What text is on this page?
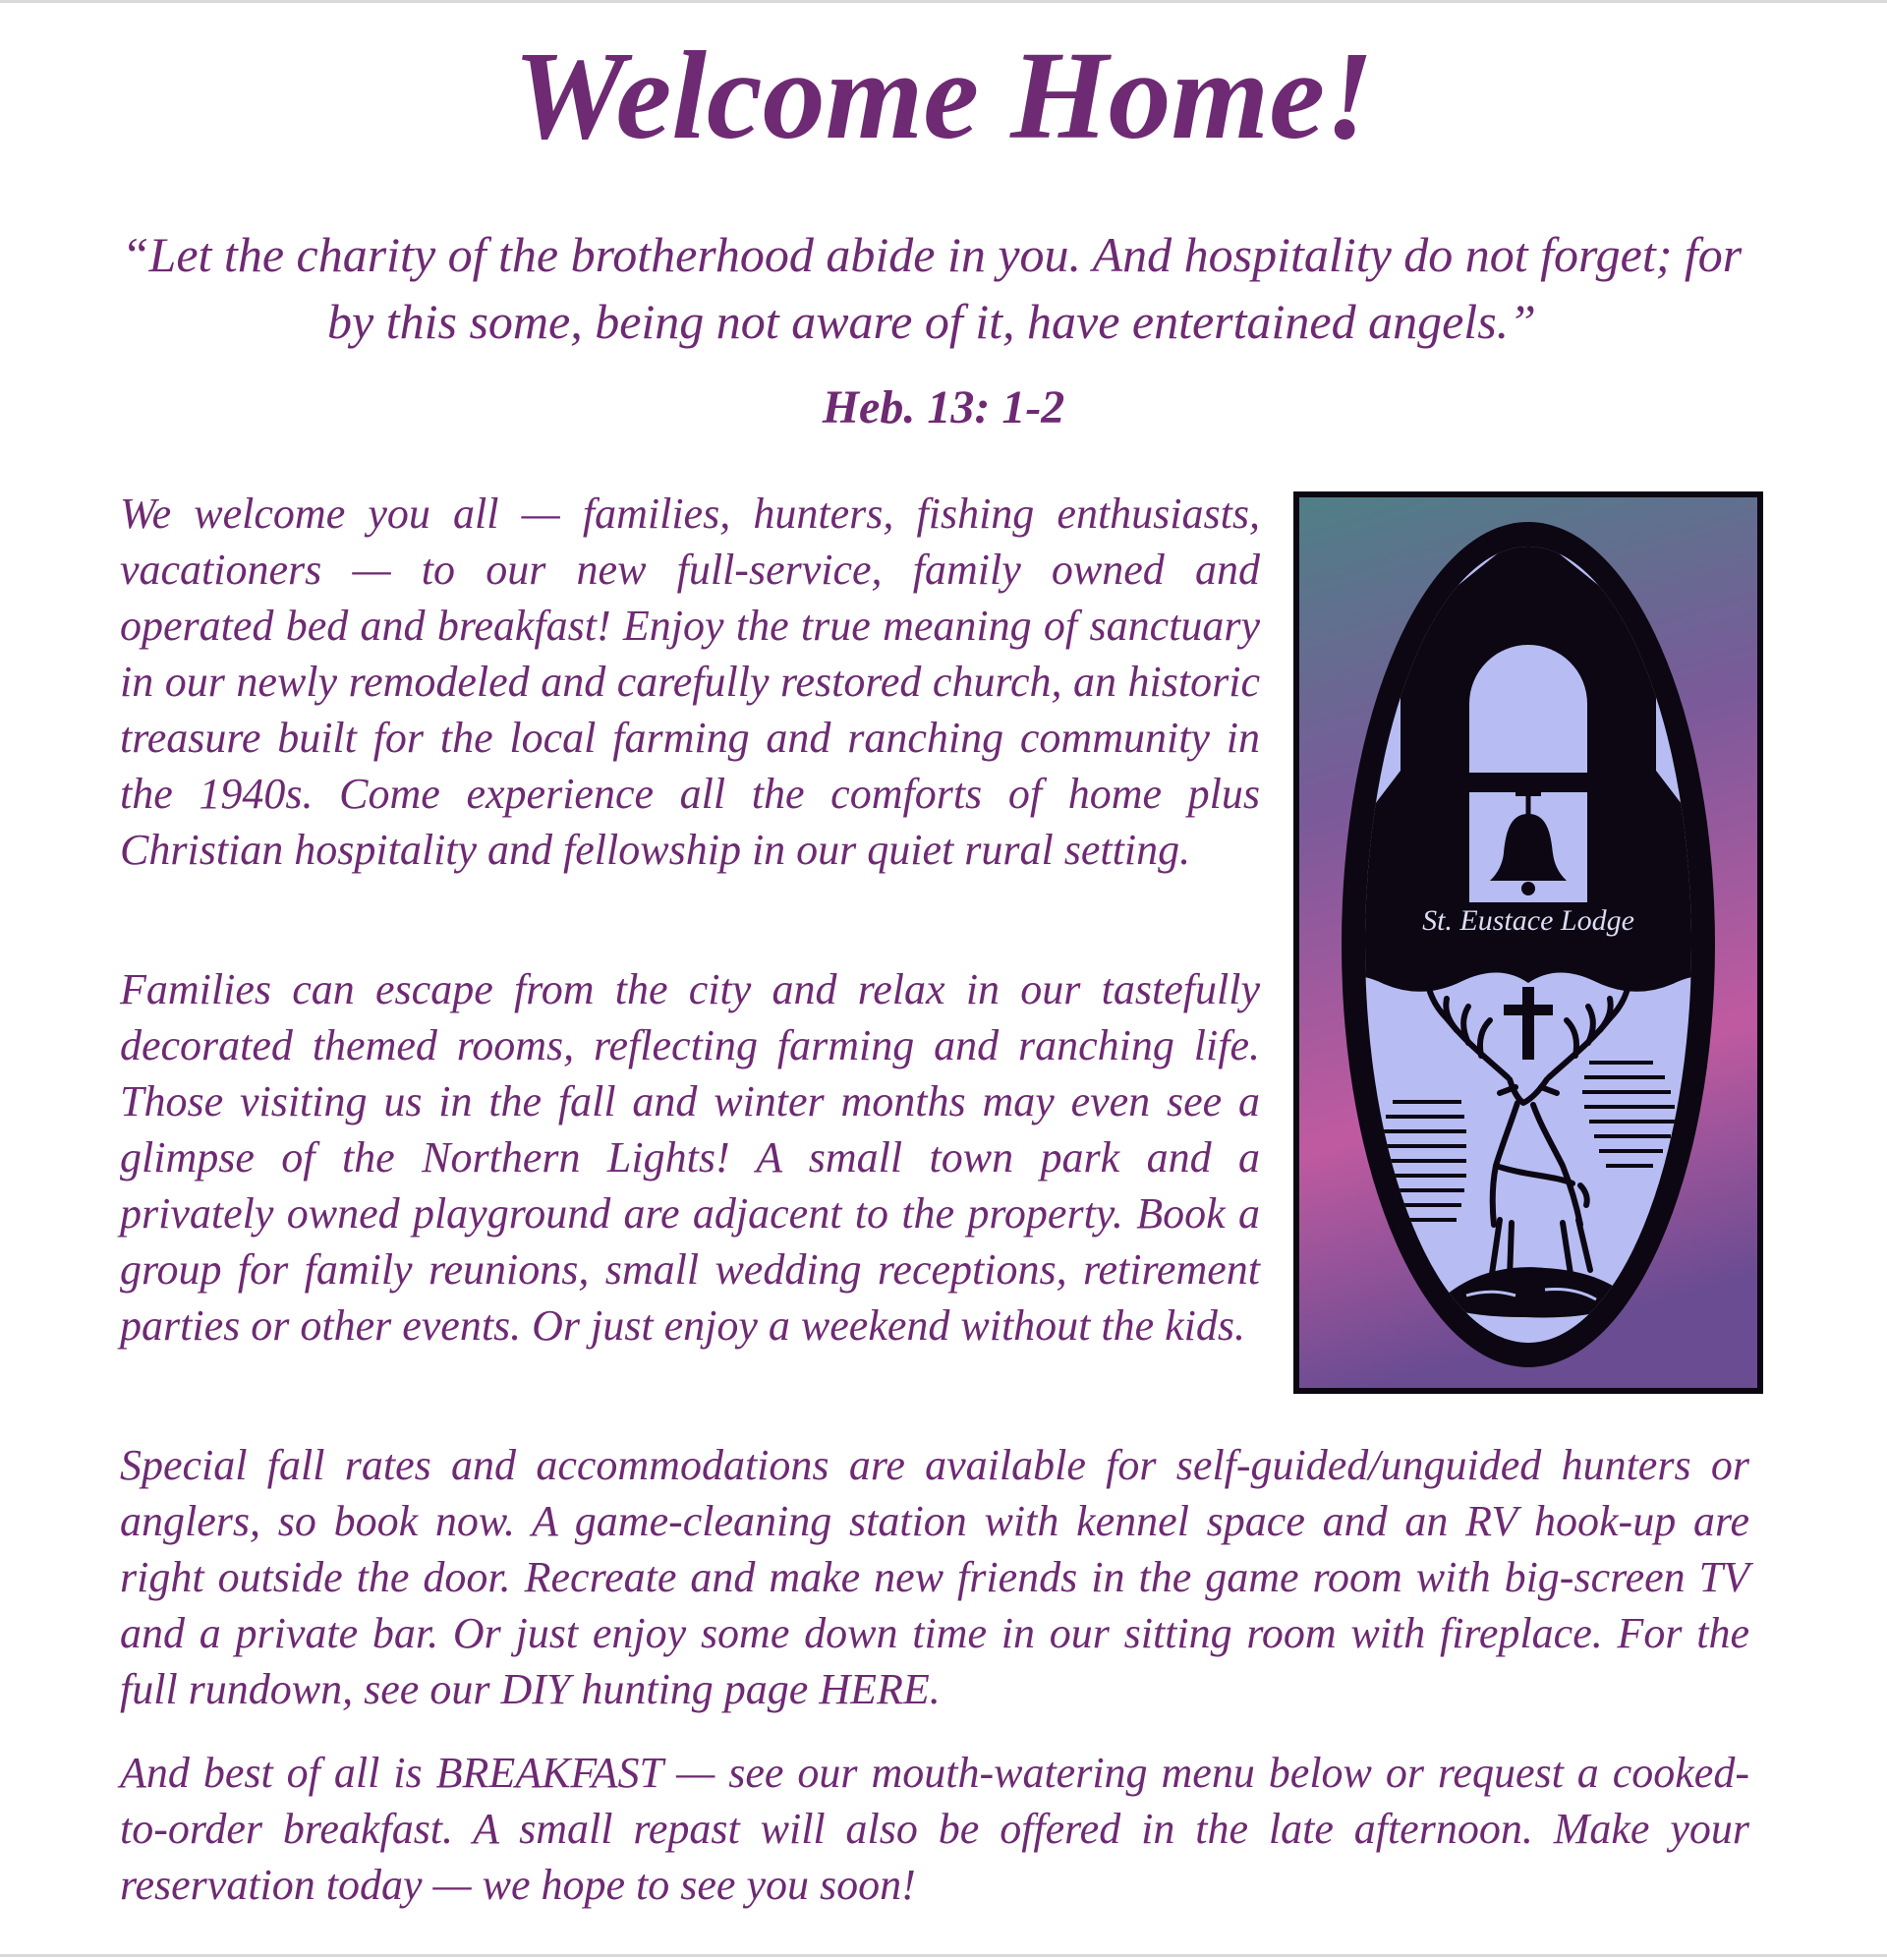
Welcome Home!

“Let the charity of the brotherhood abide in you. And hospitality do not forget; for by this some, being not aware of it, have entertained angels.”

Heb. 13: 1-2

We welcome you all — families, hunters, fishing enthusiasts, vacationers — to our new full-service, family owned and operated bed and breakfast! Enjoy the true meaning of sanctuary in our newly remodeled and carefully restored church, an historic treasure built for the local farming and ranching community in the 1940s. Come experience all the comforts of home plus Christian hospitality and fellowship in our quiet rural setting.

St. Eustace Lodge

Families can escape from the city and relax in our tastefully decorated themed rooms, reflecting farming and ranching life. Those visiting us in the fall and winter months may even see a glimpse of the Northern Lights! A small town park and a privately owned playground are adjacent to the property. Book a group for family reunions, small wedding receptions, retirement parties or other events. Or just enjoy a weekend without the kids.

Special fall rates and accommodations are available for self-guided/unguided hunters or anglers, so book now. A game-cleaning station with kennel space and an RV hook-up are right outside the door. Recreate and make new friends in the game room with big-screen TV and a private bar. Or just enjoy some down time in our sitting room with fireplace. For the full rundown, see our DIY hunting page HERE.

And best of all is BREAKFAST — see our mouth-watering menu below or request a cooked-to-order breakfast. A small repast will also be offered in the late afternoon. Make your reservation today — we hope to see you soon!
